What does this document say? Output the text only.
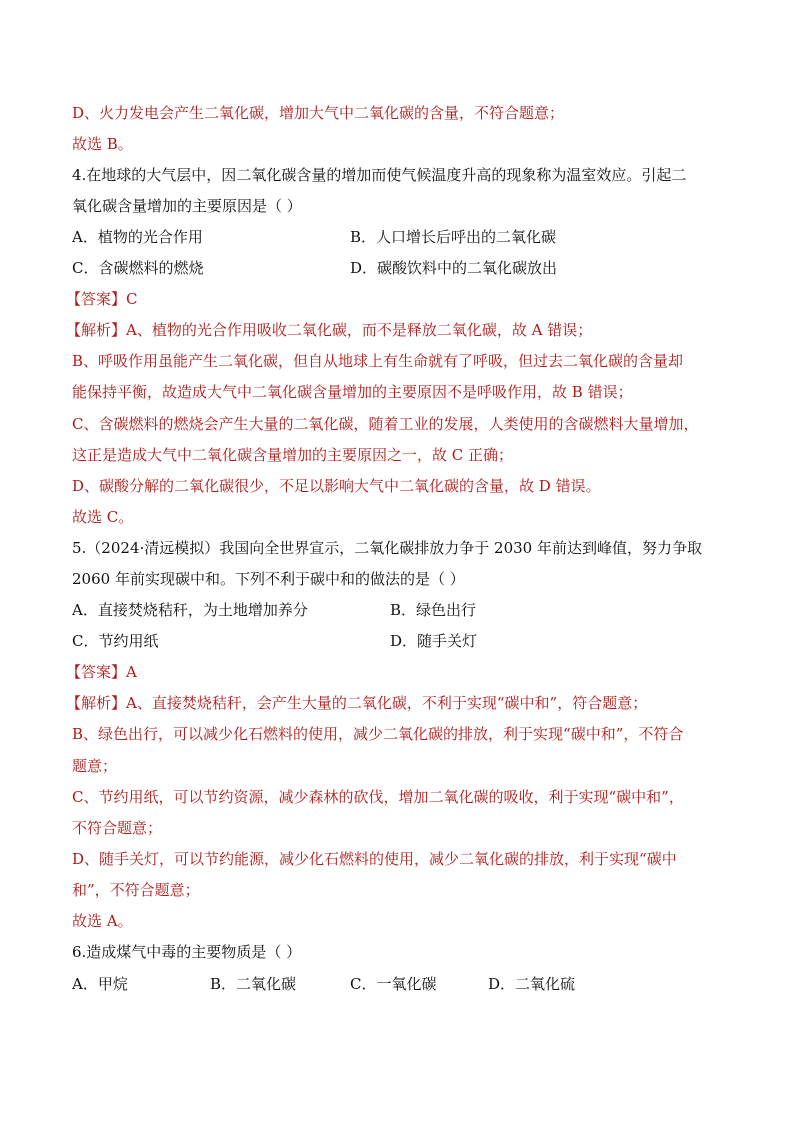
D、火力发电会产生二氧化碳，增加大气中二氧化碳的含量，不符合题意；
故选 B。
4.在地球的大气层中，因二氧化碳含量的增加而使气候温度升高的现象称为温室效应。引起二
氧化碳含量增加的主要原因是（ ）
A．植物的光合作用	B．人口增长后呼出的二氧化碳
C．含碳燃料的燃烧	D．碳酸饮料中的二氧化碳放出
【答案】C
【解析】A、植物的光合作用吸收二氧化碳，而不是释放二氧化碳，故 A 错误；
B、呼吸作用虽能产生二氧化碳，但自从地球上有生命就有了呼吸，但过去二氧化碳的含量却
能保持平衡，故造成大气中二氧化碳含量增加的主要原因不是呼吸作用，故 B 错误；
C、含碳燃料的燃烧会产生大量的二氧化碳，随着工业的发展，人类使用的含碳燃料大量增加，
这正是造成大气中二氧化碳含量增加的主要原因之一，故 C 正确；
D、碳酸分解的二氧化碳很少，不足以影响大气中二氧化碳的含量，故 D 错误。
故选 C。
5.（2024·清远模拟）我国向全世界宣示，二氧化碳排放力争于 2030 年前达到峰值，努力争取
2060 年前实现碳中和。下列不利于碳中和的做法的是（ ）
A．直接焚烧秸秆，为土地增加养分	B．绿色出行
C．节约用纸	D．随手关灯
【答案】A
【解析】A、直接焚烧秸秆，会产生大量的二氧化碳，不利于实现“碳中和”，符合题意；
B、绿色出行，可以减少化石燃料的使用，减少二氧化碳的排放，利于实现“碳中和”，不符合
题意；
C、节约用纸，可以节约资源，减少森林的砍伐，增加二氧化碳的吸收，利于实现“碳中和”，
不符合题意；
D、随手关灯，可以节约能源，减少化石燃料的使用，减少二氧化碳的排放，利于实现“碳中
和”，不符合题意；
故选 A。
6.造成煤气中毒的主要物质是（ ）
A．甲烷	B．二氧化碳	C．一氧化碳	D．二氧化硫
